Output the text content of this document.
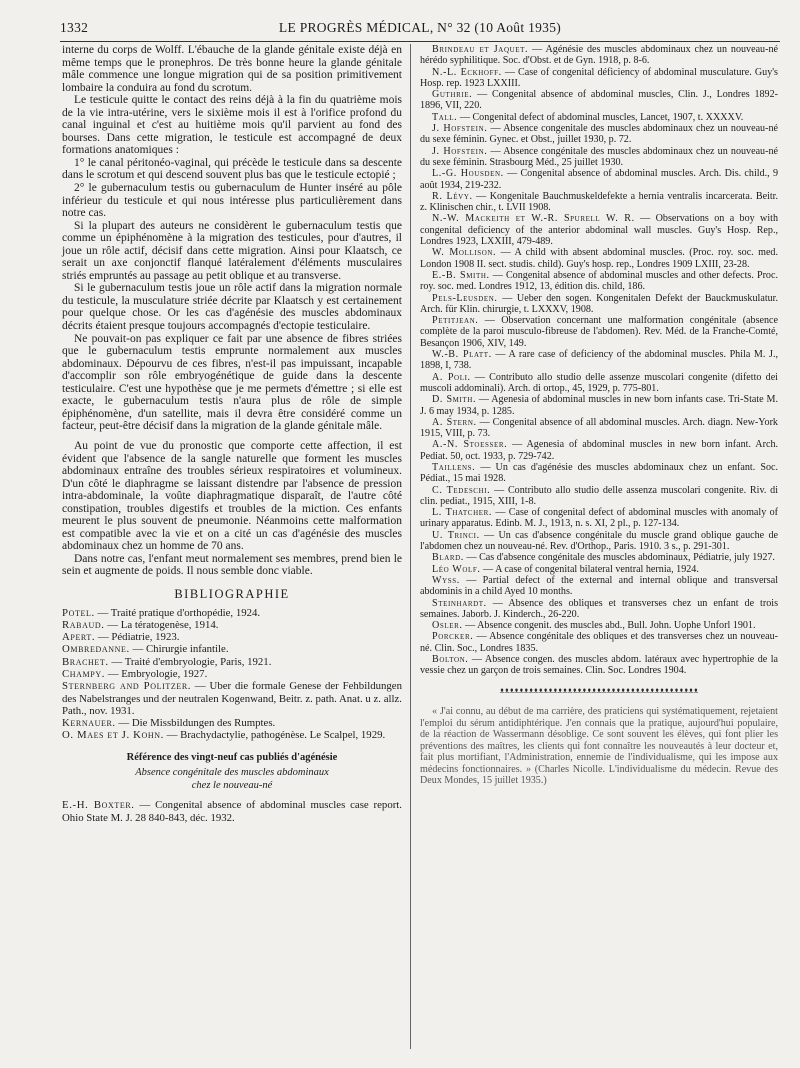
1332	LE PROGRÈS MÉDICAL, N° 32 (10 Août 1935)

interne du corps de Wolff. L'ébauche de la glande génitale existe déjà en même temps que le pronephros. De très bonne heure la glande génitale mâle commence une longue migration qui de sa position primitivement lombaire la conduira au fond du scrotum.

Le testicule quitte le contact des reins déjà à la fin du quatrième mois de la vie intra-utérine, vers le sixième mois il est à l'orifice profond du canal inguinal et c'est au huitième mois qu'il parvient au fond des bourses. Dans cette migration, le testicule est accompagné de deux formations anatomiques :

1° le canal péritonéo-vaginal, qui précède le testicule dans sa descente dans le scrotum et qui descend souvent plus bas que le testicule ectopié ;

2° le gubernaculum testis ou gubernaculum de Hunter inséré au pôle inférieur du testicule et qui nous intéresse plus particulièrement dans notre cas.

Si la plupart des auteurs ne considèrent le gubernaculum testis que comme un épiphénomène à la migration des testicules, pour d'autres, il joue un rôle actif, décisif dans cette migration. Ainsi pour Klaatsch, ce serait un axe conjonctif flanqué latéralement d'éléments musculaires striés empruntés au passage au petit oblique et au transverse.

Si le gubernaculum testis joue un rôle actif dans la migration normale du testicule, la musculature striée décrite par Klaatsch y est certainement pour quelque chose. Or les cas d'agénésie des muscles abdominaux décrits étaient presque toujours accompagnés d'ectopie testiculaire.

Ne pouvait-on pas expliquer ce fait par une absence de fibres striées que le gubernaculum testis emprunte normalement aux muscles abdominaux. Dépourvu de ces fibres, n'est-il pas impuissant, incapable d'accomplir son rôle embryogénétique de guide dans la descente testiculaire. C'est une hypothèse que je me permets d'émettre ; si elle est exacte, le gubernaculum testis n'aura plus de rôle de simple épiphénomène, d'un satellite, mais il devra être considéré comme un facteur, peut-être décisif dans la migration de la glande génitale mâle.

Au point de vue du pronostic que comporte cette affection, il est évident que l'absence de la sangle naturelle que forment les muscles abdominaux entraîne des troubles sérieux respiratoires et volumineux. D'un côté le diaphragme se laissant distendre par l'absence de pression intra-abdominale, la voûte diaphragmatique disparaît, de l'autre côté constipation, troubles digestifs et troubles de la miction. Ces enfants meurent le plus souvent de pneumonie. Néanmoins cette malformation est compatible avec la vie et on a cité un cas d'agénésie des muscles abdominaux chez un homme de 70 ans.

Dans notre cas, l'enfant meut normalement ses membres, prend bien le sein et augmente de poids. Il nous semble donc viable.

BIBLIOGRAPHIE

Potel. — Traité pratique d'orthopédie, 1924.

Rabaud. — La tératogenèse, 1914.

Apert. — Pédiatrie, 1923.

Ombredanne. — Chirurgie infantile.

Brachet. — Traité d'embryologie, Paris, 1921.

Champy. — Embryologie, 1927.

Sternberg and Politzer. — Uber die formale Genese der Fehbildungen des Nabelstranges und der neutralen Kogenwand, Beitr. z. path. Anat. u z. allz. Path., nov. 1931.

Kernauer. — Die Missbildungen des Rumptes.

O. Maes et J. Kohn. — Brachydactylie, pathogénèse. Le Scalpel, 1929.

Référence des vingt-neuf cas publiés d'agénésie
Absence congénitale des muscles abdominaux
chez le nouveau-né

E.-H. Boxter. — Congenital absence of abdominal muscles case report. Ohio State M. J. 28 840-843, déc. 1932.

Brindeau et Jaquet. — Agénésie des muscles abdominaux chez un nouveau-né hérédo syphilitique. Soc. d'Obst. et de Gyn. 1918, p. 8-6.

N.-L. Eckhoff. — Case of congenital déficiency of abdominal musculature. Guy's Hosp. rep. 1923 LXXIII.

Guthrie. — Congenital absence of abdominal muscles, Clin. J., Londres 1892-1896, VII, 220.

Tall. — Congenital defect of abdominal muscles, Lancet, 1907, t. XXXXV.

J. Hofstein. — Absence congenitale des muscles abdominaux chez un nouveau-né du sexe féminin. Gynec. et Obst., juillet 1930, p. 72.

J. Hofstein. — Absence congénitale des muscles abdominaux chez un nouveau-né du sexe féminin. Strasbourg Méd., 25 juillet 1930.

L.-G. Housden. — Congenital absence of abdominal muscles. Arch. Dis. child., 9 août 1934, 219-232.

R. Lévy. — Kongenitale Bauchmuskeldefekte a hernia ventralis incarcerata. Beitr. z. Klinischen chir., t. LVII 1908.

N.-W. Mackeith et W.-R. Spurell W. R. — Observations on a boy with congenital deficiency of the anterior abdominal wall muscles. Guy's Hosp. Rep., Londres 1923, LXXIII, 479-489.

W. Mollison. — A child with absent abdominal muscles. (Proc. roy. soc. med. London 1908 II. sect. studis. child). Guy's hosp. rep., Londres 1909 LXIII, 23-28.

E.-B. Smith. — Congenital absence of abdominal muscles and other defects. Proc. roy. soc. med. Londres 1912, 13, édition dis. child, 186.

Pels-Leusden. — Ueber den sogen. Kongenitalen Defekt der Bauckmuskulatur. Arch. für Klin. chirurgie, t. LXXXV, 1908.

Petitjean. — Observation concernant une malformation congénitale (absence complète de la paroi musculo-fibreuse de l'abdomen). Rev. Méd. de la Franche-Comté, Besançon 1906, XIV, 149.

W.-B. Platt. — A rare case of deficiency of the abdominal muscles. Phila M. J., 1898, I, 738.

A. Poli. — Contributo allo studio delle assenze muscolari congenite (difetto dei muscoli addominali). Arch. di ortop., 45, 1929, p. 775-801.

D. Smith. — Agenesia of abdominal muscles in new born infants case. Tri-State M. J. 6 may 1934, p. 1285.

A. Stern. — Congenital absence of all abdominal muscles. Arch. diagn. New-York 1915, VIII, p. 73.

A.-N. Stoesser. — Agenesia of abdominal muscles in new born infant. Arch. Pediat. 50, oct. 1933, p. 729-742.

Taillens. — Un cas d'agénésie des muscles abdominaux chez un enfant. Soc. Pédiat., 15 mai 1928.

C. Tedeschi. — Contributo allo studio delle assenza muscolari congenite. Riv. di clin. pediat., 1915, XIII, 1-8.

L. Thatcher. — Case of congenital defect of abdominal muscles with anomaly of urinary apparatus. Edinb. M. J., 1913, n. s. XI, 2 pl., p. 127-134.

U. Trinci. — Un cas d'absence congénitale du muscle grand oblique gauche de l'abdomen chez un nouveau-né. Rev. d'Orthop., Paris. 1910. 3 s., p. 291-301.

Blard. — Cas d'absence congénitale des muscles abdominaux, Pédiatrie, july 1927.

Léo Wolf. — A case of congenital bilateral ventral hernia, 1924.

Wyss. — Partial defect of the external and internal oblique and transversal abdominis in a child Ayed 10 months.

Steinhardt. — Absence des obliques et transverses chez un enfant de trois semaines. Jaborb. J. Kinderch., 26-220.

Osler. — Absence congenit. des muscles abd., Bull. John. Uophe Unforl 1901.

Porcker. — Absence congénitale des obliques et des transverses chez un nouveau-né. Clin. Soc., Londres 1835.

Bolton. — Absence congen. des muscles abdom. latéraux avec hypertrophie de la vessie chez un garçon de trois semaines. Clin. Soc. Londres 1904.

ᴥᴥᴥᴥᴥᴥᴥᴥᴥᴥᴥᴥᴥᴥᴥᴥᴥᴥᴥᴥᴥᴥᴥᴥᴥᴥᴥᴥᴥᴥᴥᴥᴥᴥᴥᴥᴥᴥᴥᴥᴥ

« J'ai connu, au début de ma carrière, des praticiens qui systématiquement, rejetaient l'emploi du sérum antidiphtérique. J'en connais que la pratique, aujourd'hui populaire, de la réaction de Wassermann désoblige. Ce sont souvent les élèves, qui font plier les préventions des maîtres, les clients qui font connaître les nouveautés à leur docteur et, fait plus mortifiant, l'Administration, ennemie de l'individualisme, qui les impose aux médecins fonctionnaires. » (Charles Nicolle. L'individualisme du médecin. Revue des Deux Mondes, 15 juillet 1935.)
